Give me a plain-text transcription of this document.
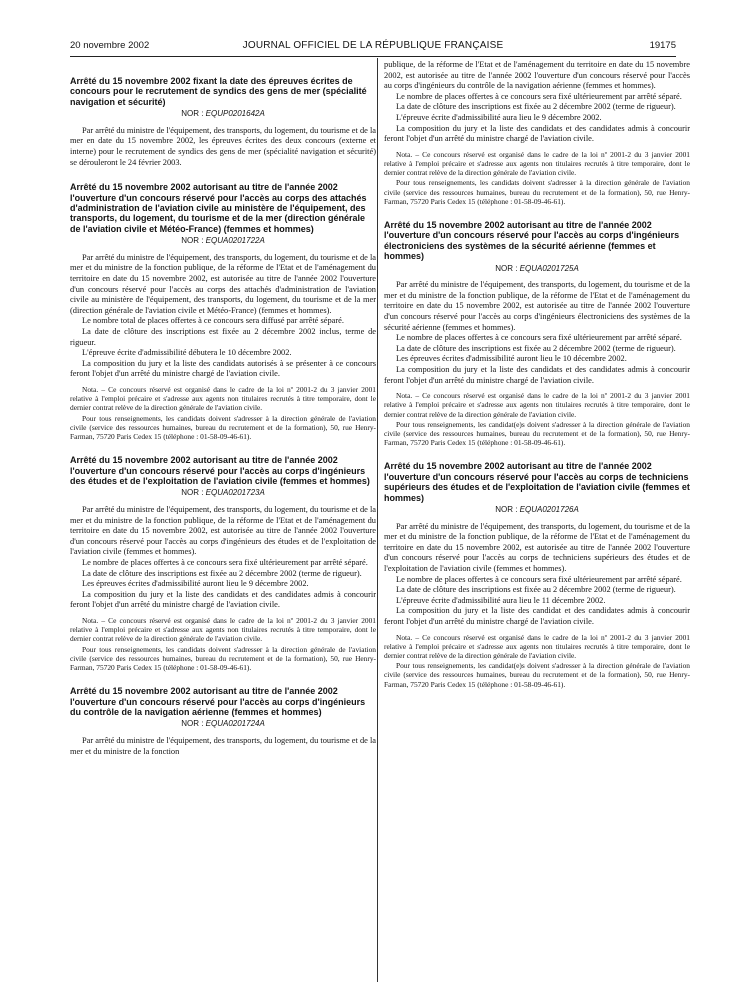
20 novembre 2002	JOURNAL OFFICIEL DE LA RÉPUBLIQUE FRANÇAISE	19175
Arrêté du 15 novembre 2002 fixant la date des épreuves écrites de concours pour le recrutement de syndics des gens de mer (spécialité navigation et sécurité)
NOR : EQUP0201642A

Par arrêté du ministre de l'équipement, des transports, du logement, du tourisme et de la mer en date du 15 novembre 2002, les épreuves écrites des deux concours (externe et interne) pour le recrutement de syndics des gens de mer (spécialité navigation et sécurité) se dérouleront le 24 février 2003.

Arrêté du 15 novembre 2002 autorisant au titre de l'année 2002 l'ouverture d'un concours réservé pour l'accès au corps des attachés d'administration de l'aviation civile au ministère de l'équipement, des transports, du logement, du tourisme et de la mer (direction générale de l'aviation civile et Météo-France) (femmes et hommes)
NOR : EQUA0201722A

Par arrêté du ministre de l'équipement, des transports, du logement, du tourisme et de la mer et du ministre de la fonction publique, de la réforme de l'Etat et de l'aménagement du territoire en date du 15 novembre 2002, est autorisée au titre de l'année 2002 l'ouverture d'un concours réservé pour l'accès au corps des attachés d'administration de l'aviation civile au ministère de l'équipement, des transports, du logement, du tourisme et de la mer (direction générale de l'aviation civile et Météo-France) (femmes et hommes).

Le nombre total de places offertes à ce concours sera diffusé par arrêté séparé.

La date de clôture des inscriptions est fixée au 2 décembre 2002 inclus, terme de rigueur.

L'épreuve écrite d'admissibilité débutera le 10 décembre 2002.

La composition du jury et la liste des candidats autorisés à se présenter à ce concours feront l'objet d'un arrêté du ministre chargé de l'aviation civile.

Nota. – Ce concours réservé est organisé dans le cadre de la loi nº 2001-2 du 3 janvier 2001 relative à l'emploi précaire et s'adresse aux agents non titulaires recrutés à titre temporaire, dont le dernier contrat relève de la direction générale de l'aviation civile.

Pour tous renseignements, les candidats doivent s'adresser à la direction générale de l'aviation civile (service des ressources humaines, bureau du recrutement et de la formation), 50, rue Henry-Farman, 75720 Paris Cedex 15 (téléphone : 01-58-09-46-61).

Arrêté du 15 novembre 2002 autorisant au titre de l'année 2002 l'ouverture d'un concours réservé pour l'accès au corps d'ingénieurs des études et de l'exploitation de l'aviation civile (femmes et hommes)
NOR : EQUA0201723A

Par arrêté du ministre de l'équipement, des transports, du logement, du tourisme et de la mer et du ministre de la fonction publique, de la réforme de l'Etat et de l'aménagement du territoire en date du 15 novembre 2002, est autorisée au titre de l'année 2002 l'ouverture d'un concours réservé pour l'accès au corps d'ingénieurs des études et de l'exploitation de l'aviation civile (femmes et hommes).

Le nombre de places offertes à ce concours sera fixé ultérieurement par arrêté séparé.

La date de clôture des inscriptions est fixée au 2 décembre 2002 (terme de rigueur).

Les épreuves écrites d'admissibilité auront lieu le 9 décembre 2002.

La composition du jury et la liste des candidats et des candidates admis à concourir feront l'objet d'un arrêté du ministre chargé de l'aviation civile.

Nota. – Ce concours réservé est organisé dans le cadre de la loi nº 2001-2 du 3 janvier 2001 relative à l'emploi précaire et s'adresse aux agents non titulaires recrutés à titre temporaire, dont le dernier contrat relève de la direction générale de l'aviation civile.

Pour tous renseignements, les candidats doivent s'adresser à la direction générale de l'aviation civile (service des ressources humaines, bureau du recrutement et de la formation), 50, rue Henry-Farman, 75720 Paris Cedex 15 (téléphone : 01-58-09-46-61).

Arrêté du 15 novembre 2002 autorisant au titre de l'année 2002 l'ouverture d'un concours réservé pour l'accès au corps d'ingénieurs du contrôle de la navigation aérienne (femmes et hommes)
NOR : EQUA0201724A

Par arrêté du ministre de l'équipement, des transports, du logement, du tourisme et de la mer et du ministre de la fonction

publique, de la réforme de l'Etat et de l'aménagement du territoire en date du 15 novembre 2002, est autorisée au titre de l'année 2002 l'ouverture d'un concours réservé pour l'accès au corps d'ingénieurs du contrôle de la navigation aérienne (femmes et hommes).

Le nombre de places offertes à ce concours sera fixé ultérieurement par arrêté séparé.

La date de clôture des inscriptions est fixée au 2 décembre 2002 (terme de rigueur).

L'épreuve écrite d'admissibilité aura lieu le 9 décembre 2002.

La composition du jury et la liste des candidats et des candidates admis à concourir feront l'objet d'un arrêté du ministre chargé de l'aviation civile.

Nota. – Ce concours réservé est organisé dans le cadre de la loi nº 2001-2 du 3 janvier 2001 relative à l'emploi précaire et s'adresse aux agents non titulaires recrutés à titre temporaire, dont le dernier contrat relève de la direction générale de l'aviation civile.

Pour tous renseignements, les candidats doivent s'adresser à la direction générale de l'aviation civile (service des ressources humaines, bureau du recrutement et de la formation), 50, rue Henry-Farman, 75720 Paris Cedex 15 (téléphone : 01-58-09-46-61).

Arrêté du 15 novembre 2002 autorisant au titre de l'année 2002 l'ouverture d'un concours réservé pour l'accès au corps d'ingénieurs électroniciens des systèmes de la sécurité aérienne (femmes et hommes)
NOR : EQUA0201725A

Par arrêté du ministre de l'équipement, des transports, du logement, du tourisme et de la mer et du ministre de la fonction publique, de la réforme de l'Etat et de l'aménagement du territoire en date du 15 novembre 2002, est autorisée au titre de l'année 2002 l'ouverture d'un concours réservé pour l'accès au corps d'ingénieurs électroniciens des systèmes de la sécurité aérienne (femmes et hommes).

Le nombre de places offertes à ce concours sera fixé ultérieurement par arrêté séparé.

La date de clôture des inscriptions est fixée au 2 décembre 2002 (terme de rigueur).

Les épreuves écrites d'admissibilité auront lieu le 10 décembre 2002.

La composition du jury et la liste des candidats et des candidates admis à concourir feront l'objet d'un arrêté du ministre chargé de l'aviation civile.

Nota. – Ce concours réservé est organisé dans le cadre de la loi nº 2001-2 du 3 janvier 2001 relative à l'emploi précaire et s'adresse aux agents non titulaires recrutés à titre temporaire, dont le dernier contrat relève de la direction générale de l'aviation civile.

Pour tous renseignements, les candidat(e)s doivent s'adresser à la direction générale de l'aviation civile (service des ressources humaines, bureau du recrutement et de la formation), 50, rue Henry-Farman, 75720 Paris Cedex 15 (téléphone : 01-58-09-46-61).

Arrêté du 15 novembre 2002 autorisant au titre de l'année 2002 l'ouverture d'un concours réservé pour l'accès au corps de techniciens supérieurs des études et de l'exploitation de l'aviation civile (femmes et hommes)
NOR : EQUA0201726A

Par arrêté du ministre de l'équipement, des transports, du logement, du tourisme et de la mer et du ministre de la fonction publique, de la réforme de l'Etat et de l'aménagement du territoire en date du 15 novembre 2002, est autorisée au titre de l'année 2002 l'ouverture d'un concours réservé pour l'accès au corps de techniciens supérieurs des études et de l'exploitation de l'aviation civile (femmes et hommes).

Le nombre de places offertes à ce concours sera fixé ultérieurement par arrêté séparé.

La date de clôture des inscriptions est fixée au 2 décembre 2002 (terme de rigueur).

L'épreuve écrite d'admissibilité aura lieu le 11 décembre 2002.

La composition du jury et la liste des candidat et des candidates admis à concourir feront l'objet d'un arrêté du ministre chargé de l'aviation civile.

Nota. – Ce concours réservé est organisé dans le cadre de la loi nº 2001-2 du 3 janvier 2001 relative à l'emploi précaire et s'adresse aux agents non titulaires recrutés à titre temporaire, dont le dernier contrat relève de la direction générale de l'aviation civile.

Pour tous renseignements, les candidat(e)s doivent s'adresser à la direction générale de l'aviation civile (service des ressources humaines, bureau du recrutement et de la formation), 50, rue Henry-Farman, 75720 Paris Cedex 15 (téléphone : 01-58-09-46-61).
